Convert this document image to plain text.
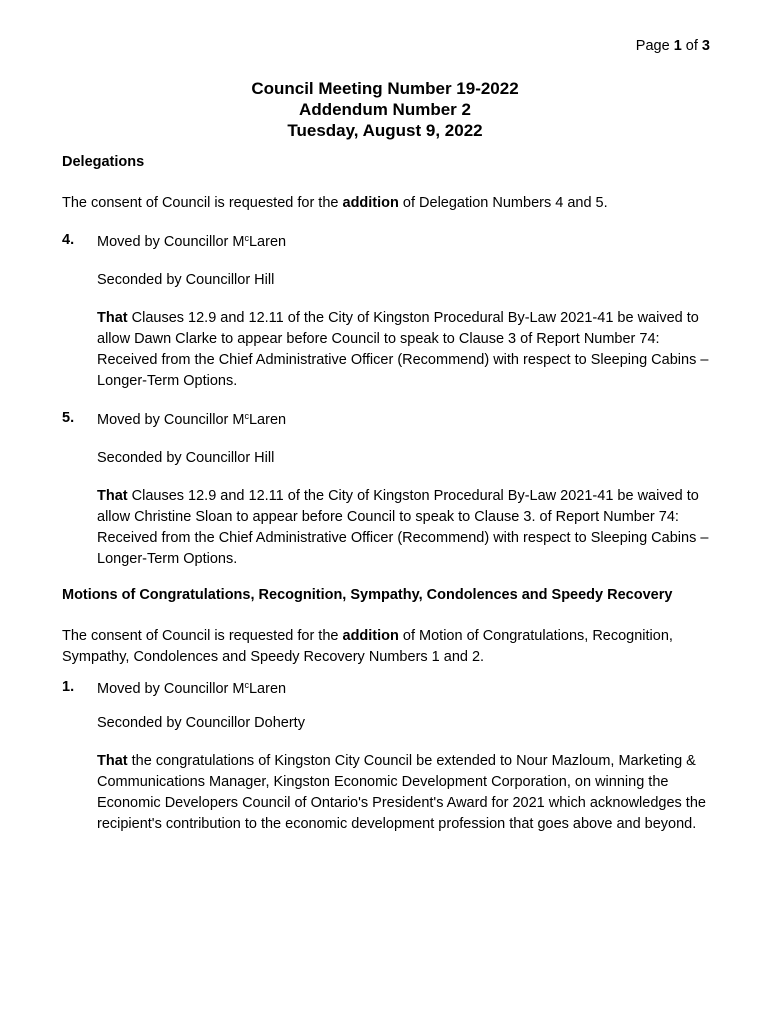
Page 1 of 3
Council Meeting Number 19-2022
Addendum Number 2
Tuesday, August 9, 2022
Delegations
The consent of Council is requested for the addition of Delegation Numbers 4 and 5.
4. Moved by Councillor $M^cLaren$
Seconded by Councillor Hill
That Clauses 12.9 and 12.11 of the City of Kingston Procedural By-Law 2021-41 be waived to allow Dawn Clarke to appear before Council to speak to Clause 3 of Report Number 74: Received from the Chief Administrative Officer (Recommend) with respect to Sleeping Cabins – Longer-Term Options.
5. Moved by Councillor $M^cLaren$
Seconded by Councillor Hill
That Clauses 12.9 and 12.11 of the City of Kingston Procedural By-Law 2021-41 be waived to allow Christine Sloan to appear before Council to speak to Clause 3. of Report Number 74: Received from the Chief Administrative Officer (Recommend) with respect to Sleeping Cabins – Longer-Term Options.
Motions of Congratulations, Recognition, Sympathy, Condolences and Speedy Recovery
The consent of Council is requested for the addition of Motion of Congratulations, Recognition, Sympathy, Condolences and Speedy Recovery Numbers 1 and 2.
1. Moved by Councillor $M^cLaren$
Seconded by Councillor Doherty
That the congratulations of Kingston City Council be extended to Nour Mazloum, Marketing & Communications Manager, Kingston Economic Development Corporation, on winning the Economic Developers Council of Ontario's President's Award for 2021 which acknowledges the recipient's contribution to the economic development profession that goes above and beyond.
